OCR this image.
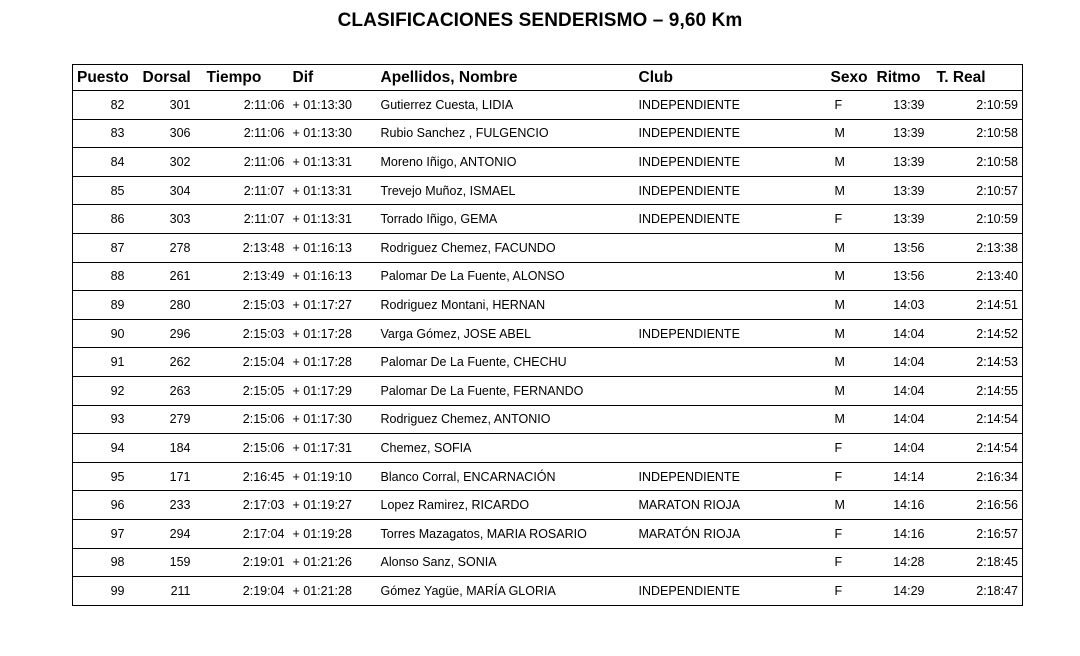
CLASIFICACIONES SENDERISMO – 9,60 Km
Puesto	Dorsal	Tiempo	Dif	Apellidos, Nombre	Club	Sexo	Ritmo	T. Real
82	301	2:11:06	+ 01:13:30	Gutierrez Cuesta, LIDIA	INDEPENDIENTE	F	13:39	2:10:59
83	306	2:11:06	+ 01:13:30	Rubio Sanchez , FULGENCIO	INDEPENDIENTE	M	13:39	2:10:58
84	302	2:11:06	+ 01:13:31	Moreno Iñigo, ANTONIO	INDEPENDIENTE	M	13:39	2:10:58
85	304	2:11:07	+ 01:13:31	Trevejo Muñoz, ISMAEL	INDEPENDIENTE	M	13:39	2:10:57
86	303	2:11:07	+ 01:13:31	Torrado Iñigo, GEMA	INDEPENDIENTE	F	13:39	2:10:59
87	278	2:13:48	+ 01:16:13	Rodriguez Chemez, FACUNDO		M	13:56	2:13:38
88	261	2:13:49	+ 01:16:13	Palomar De La Fuente, ALONSO		M	13:56	2:13:40
89	280	2:15:03	+ 01:17:27	Rodriguez Montani, HERNAN		M	14:03	2:14:51
90	296	2:15:03	+ 01:17:28	Varga Gómez, JOSE ABEL	INDEPENDIENTE	M	14:04	2:14:52
91	262	2:15:04	+ 01:17:28	Palomar De La Fuente, CHECHU		M	14:04	2:14:53
92	263	2:15:05	+ 01:17:29	Palomar De La Fuente, FERNANDO		M	14:04	2:14:55
93	279	2:15:06	+ 01:17:30	Rodriguez Chemez, ANTONIO		M	14:04	2:14:54
94	184	2:15:06	+ 01:17:31	Chemez, SOFIA		F	14:04	2:14:54
95	171	2:16:45	+ 01:19:10	Blanco Corral, ENCARNACIÓN	INDEPENDIENTE	F	14:14	2:16:34
96	233	2:17:03	+ 01:19:27	Lopez Ramirez, RICARDO	MARATON RIOJA	M	14:16	2:16:56
97	294	2:17:04	+ 01:19:28	Torres Mazagatos, MARIA ROSARIO	MARATÓN RIOJA	F	14:16	2:16:57
98	159	2:19:01	+ 01:21:26	Alonso Sanz, SONIA		F	14:28	2:18:45
99	211	2:19:04	+ 01:21:28	Gómez Yagüe, MARÍA GLORIA	INDEPENDIENTE	F	14:29	2:18:47
